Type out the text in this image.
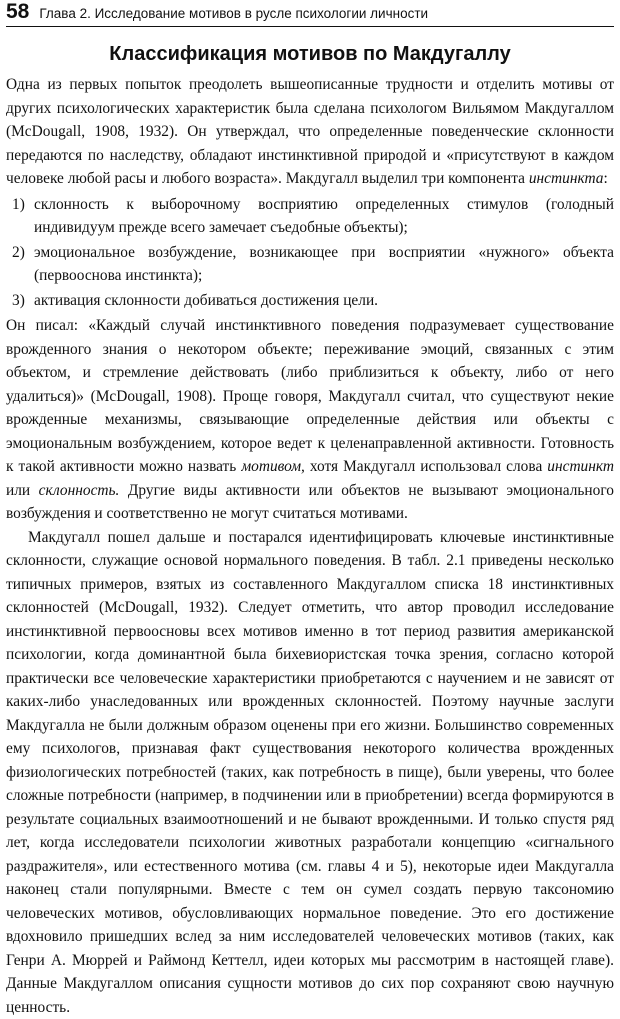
58 Глава 2. Исследование мотивов в русле психологии личности
Классификация мотивов по Макдугаллу

Одна из первых попыток преодолеть вышеописанные трудности и отделить мотивы от других психологических характеристик была сделана психологом Вильямом Макдугаллом (McDougall, 1908, 1932). Он утверждал, что определенные поведенческие склонности передаются по наследству, обладают инстинктивной природой и «присутствуют в каждом человеке любой расы и любого возраста». Макдугалл выделил три компонента инстинкта:

1) склонность к выборочному восприятию определенных стимулов (голодный индивидуум прежде всего замечает съедобные объекты);
2) эмоциональное возбуждение, возникающее при восприятии «нужного» объекта (первооснова инстинкта);
3) активация склонности добиваться достижения цели.

Он писал: «Каждый случай инстинктивного поведения подразумевает существование врожденного знания о некотором объекте; переживание эмоций, связанных с этим объектом, и стремление действовать (либо приблизиться к объекту, либо от него удалиться)» (McDougall, 1908). Проще говоря, Макдугалл считал, что существуют некие врожденные механизмы, связывающие определенные действия или объекты с эмоциональным возбуждением, которое ведет к целенаправленной активности. Готовность к такой активности можно назвать мотивом, хотя Макдугалл использовал слова инстинкт или склонность. Другие виды активности или объектов не вызывают эмоционального возбуждения и соответственно не могут считаться мотивами.

Макдугалл пошел дальше и постарался идентифицировать ключевые инстинктивные склонности, служащие основой нормального поведения. В табл. 2.1 приведены несколько типичных примеров, взятых из составленного Макдугаллом списка 18 инстинктивных склонностей (McDougall, 1932). Следует отметить, что автор проводил исследование инстинктивной первоосновы всех мотивов именно в тот период развития американской психологии, когда доминантной была бихевиористская точка зрения, согласно которой практически все человеческие характеристики приобретаются с научением и не зависят от каких-либо унаследованных или врожденных склонностей. Поэтому научные заслуги Макдугалла не были должным образом оценены при его жизни. Большинство современных ему психологов, признавая факт существования некоторого количества врожденных физиологических потребностей (таких, как потребность в пище), были уверены, что более сложные потребности (например, в подчинении или в приобретении) всегда формируются в результате социальных взаимоотношений и не бывают врожденными. И только спустя ряд лет, когда исследователи психологии животных разработали концепцию «сигнального раздражителя», или естественного мотива (см. главы 4 и 5), некоторые идеи Макдугалла наконец стали популярными. Вместе с тем он сумел создать первую таксономию человеческих мотивов, обусловливающих нормальное поведение. Это его достижение вдохновило пришедших вслед за ним исследователей человеческих мотивов (таких, как Генри А. Мюррей и Раймонд Кеттелл, идеи которых мы рассмотрим в настоящей главе). Данные Макдугаллом описания сущности мотивов до сих пор сохраняют свою научную ценность.
